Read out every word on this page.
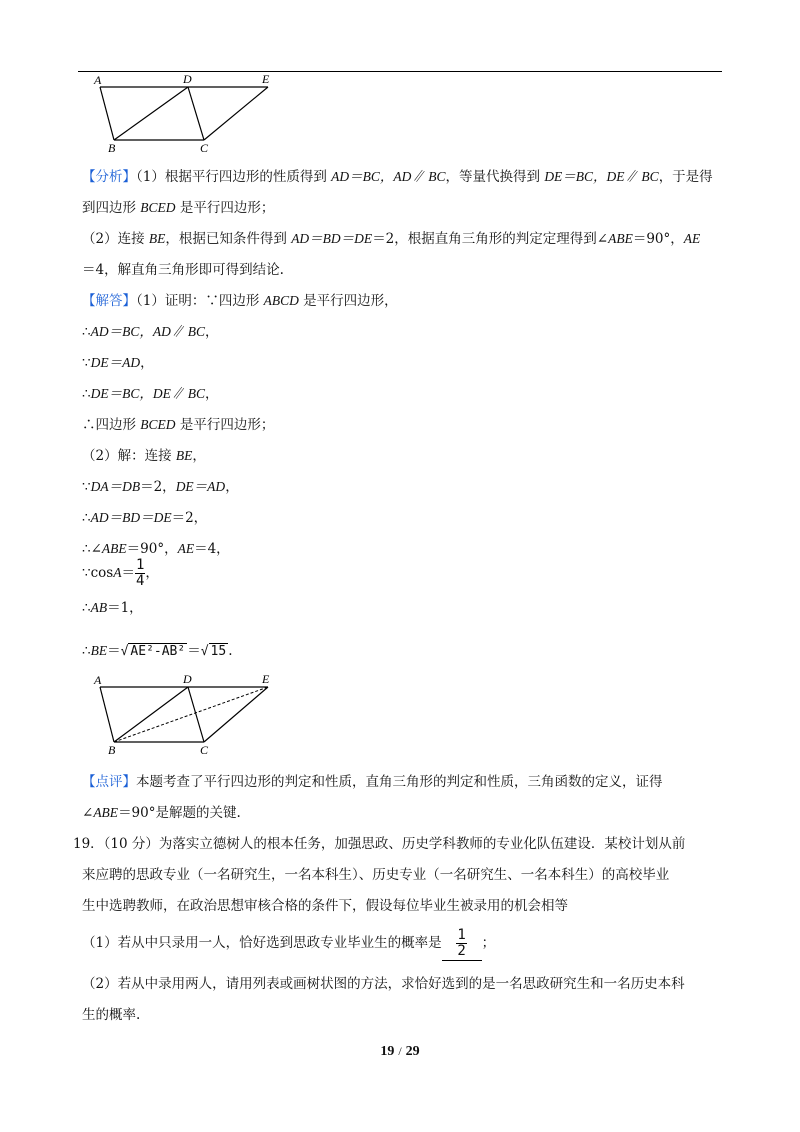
A	D	E
B	C
【分析】（1）根据平行四边形的性质得到 AD＝BC，AD∥ BC，等量代换得到 DE＝BC，DE∥ BC，于是得
到四边形 BCED 是平行四边形；
（2）连接 BE，根据已知条件得到 AD＝BD＝DE＝2，根据直角三角形的判定定理得到∠ABE＝90°，AE
＝4，解直角三角形即可得到结论.
【解答】（1）证明：∵四边形 ABCD 是平行四边形，
∴AD＝BC，AD∥ BC，
∵DE＝AD，
∴DE＝BC，DE∥ BC，
∴四边形 BCED 是平行四边形；
（2）解：连接 BE，
∵DA＝DB＝2，DE＝AD，
∴AD＝BD＝DE＝2，
∴∠ABE＝90°，AE＝4，
∵cosA＝ $\frac{1}{4}$ ，
∴AB＝1，
∴BE＝√ AE²-AB² ＝√ 15 .
A	D	E
B	C
【点评】本题考查了平行四边形的判定和性质，直角三角形的判定和性质，三角函数的定义，证得
∠ABE＝90°是解题的关键.
19．（10 分）为落实立德树人的根本任务，加强思政、历史学科教师的专业化队伍建设．某校计划从前
来应聘的思政专业（一名研究生，一名本科生）、历史专业（一名研究生、一名本科生）的高校毕业
生中选聘教师，在政治思想审核合格的条件下，假设每位毕业生被录用的机会相等
（1）若从中只录用一人，恰好选到思政专业毕业生的概率是 $\frac{1}{2}$ ；
（2）若从中录用两人，请用列表或画树状图的方法，求恰好选到的是一名思政研究生和一名历史本科
生的概率.
19 / 29
